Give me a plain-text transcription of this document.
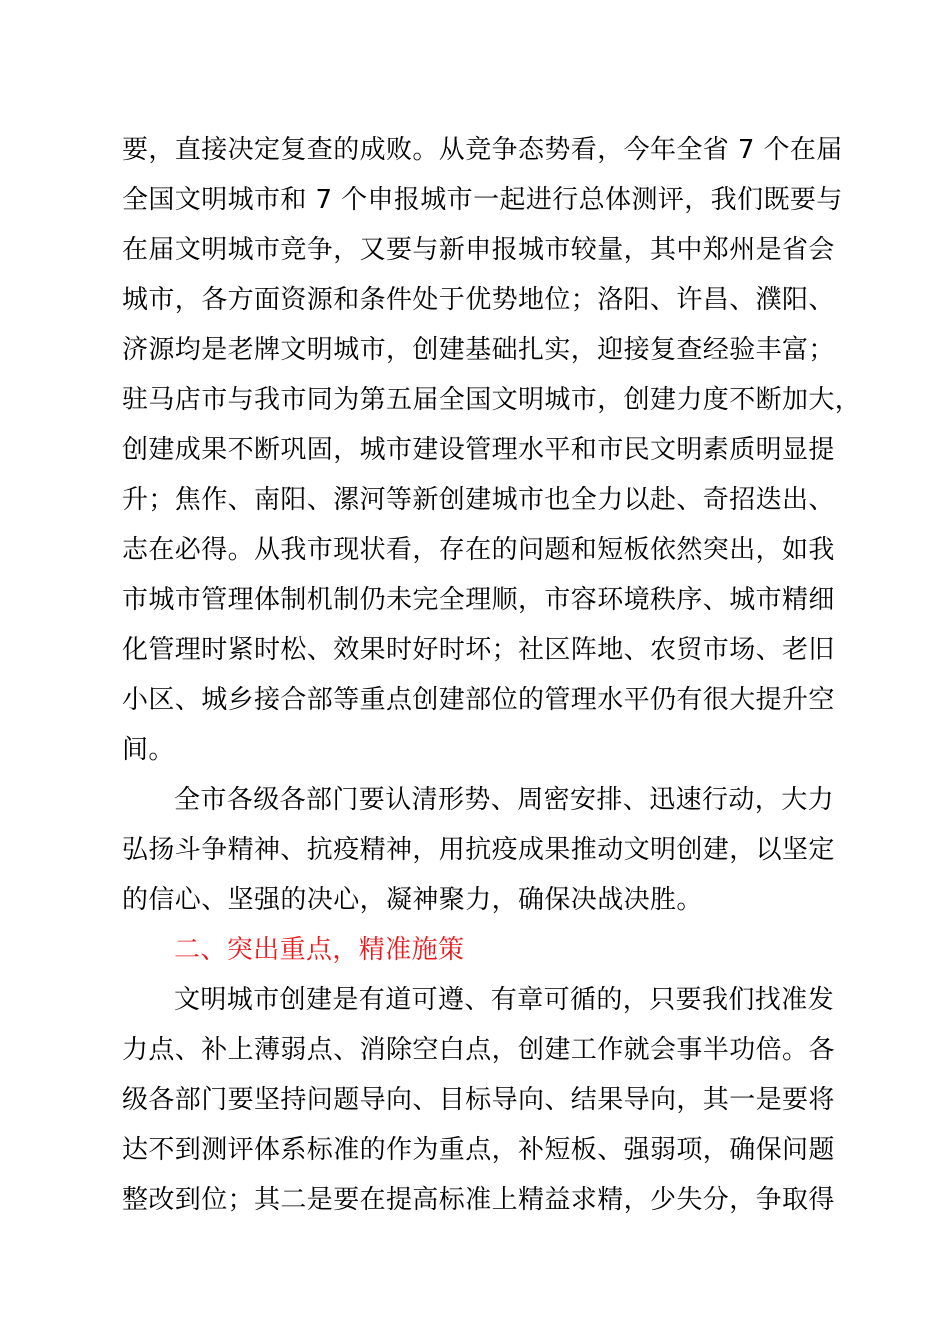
要，直接决定复查的成败。从竞争态势看，今年全省 7 个在届
全国文明城市和 7 个申报城市一起进行总体测评，我们既要与
在届文明城市竞争，又要与新申报城市较量，其中郑州是省会
城市，各方面资源和条件处于优势地位；洛阳、许昌、濮阳、
济源均是老牌文明城市，创建基础扎实，迎接复查经验丰富；
驻马店市与我市同为第五届全国文明城市，创建力度不断加大，
创建成果不断巩固，城市建设管理水平和市民文明素质明显提
升；焦作、南阳、漯河等新创建城市也全力以赴、奇招迭出、
志在必得。从我市现状看，存在的问题和短板依然突出，如我
市城市管理体制机制仍未完全理顺，市容环境秩序、城市精细
化管理时紧时松、效果时好时坏；社区阵地、农贸市场、老旧
小区、城乡接合部等重点创建部位的管理水平仍有很大提升空
间。
全市各级各部门要认清形势、周密安排、迅速行动，大力
弘扬斗争精神、抗疫精神，用抗疫成果推动文明创建，以坚定
的信心、坚强的决心，凝神聚力，确保决战决胜。
二、突出重点，精准施策
文明城市创建是有道可遵、有章可循的，只要我们找准发
力点、补上薄弱点、消除空白点，创建工作就会事半功倍。各
级各部门要坚持问题导向、目标导向、结果导向，其一是要将
达不到测评体系标准的作为重点，补短板、强弱项，确保问题
整改到位；其二是要在提高标准上精益求精，少失分，争取得
